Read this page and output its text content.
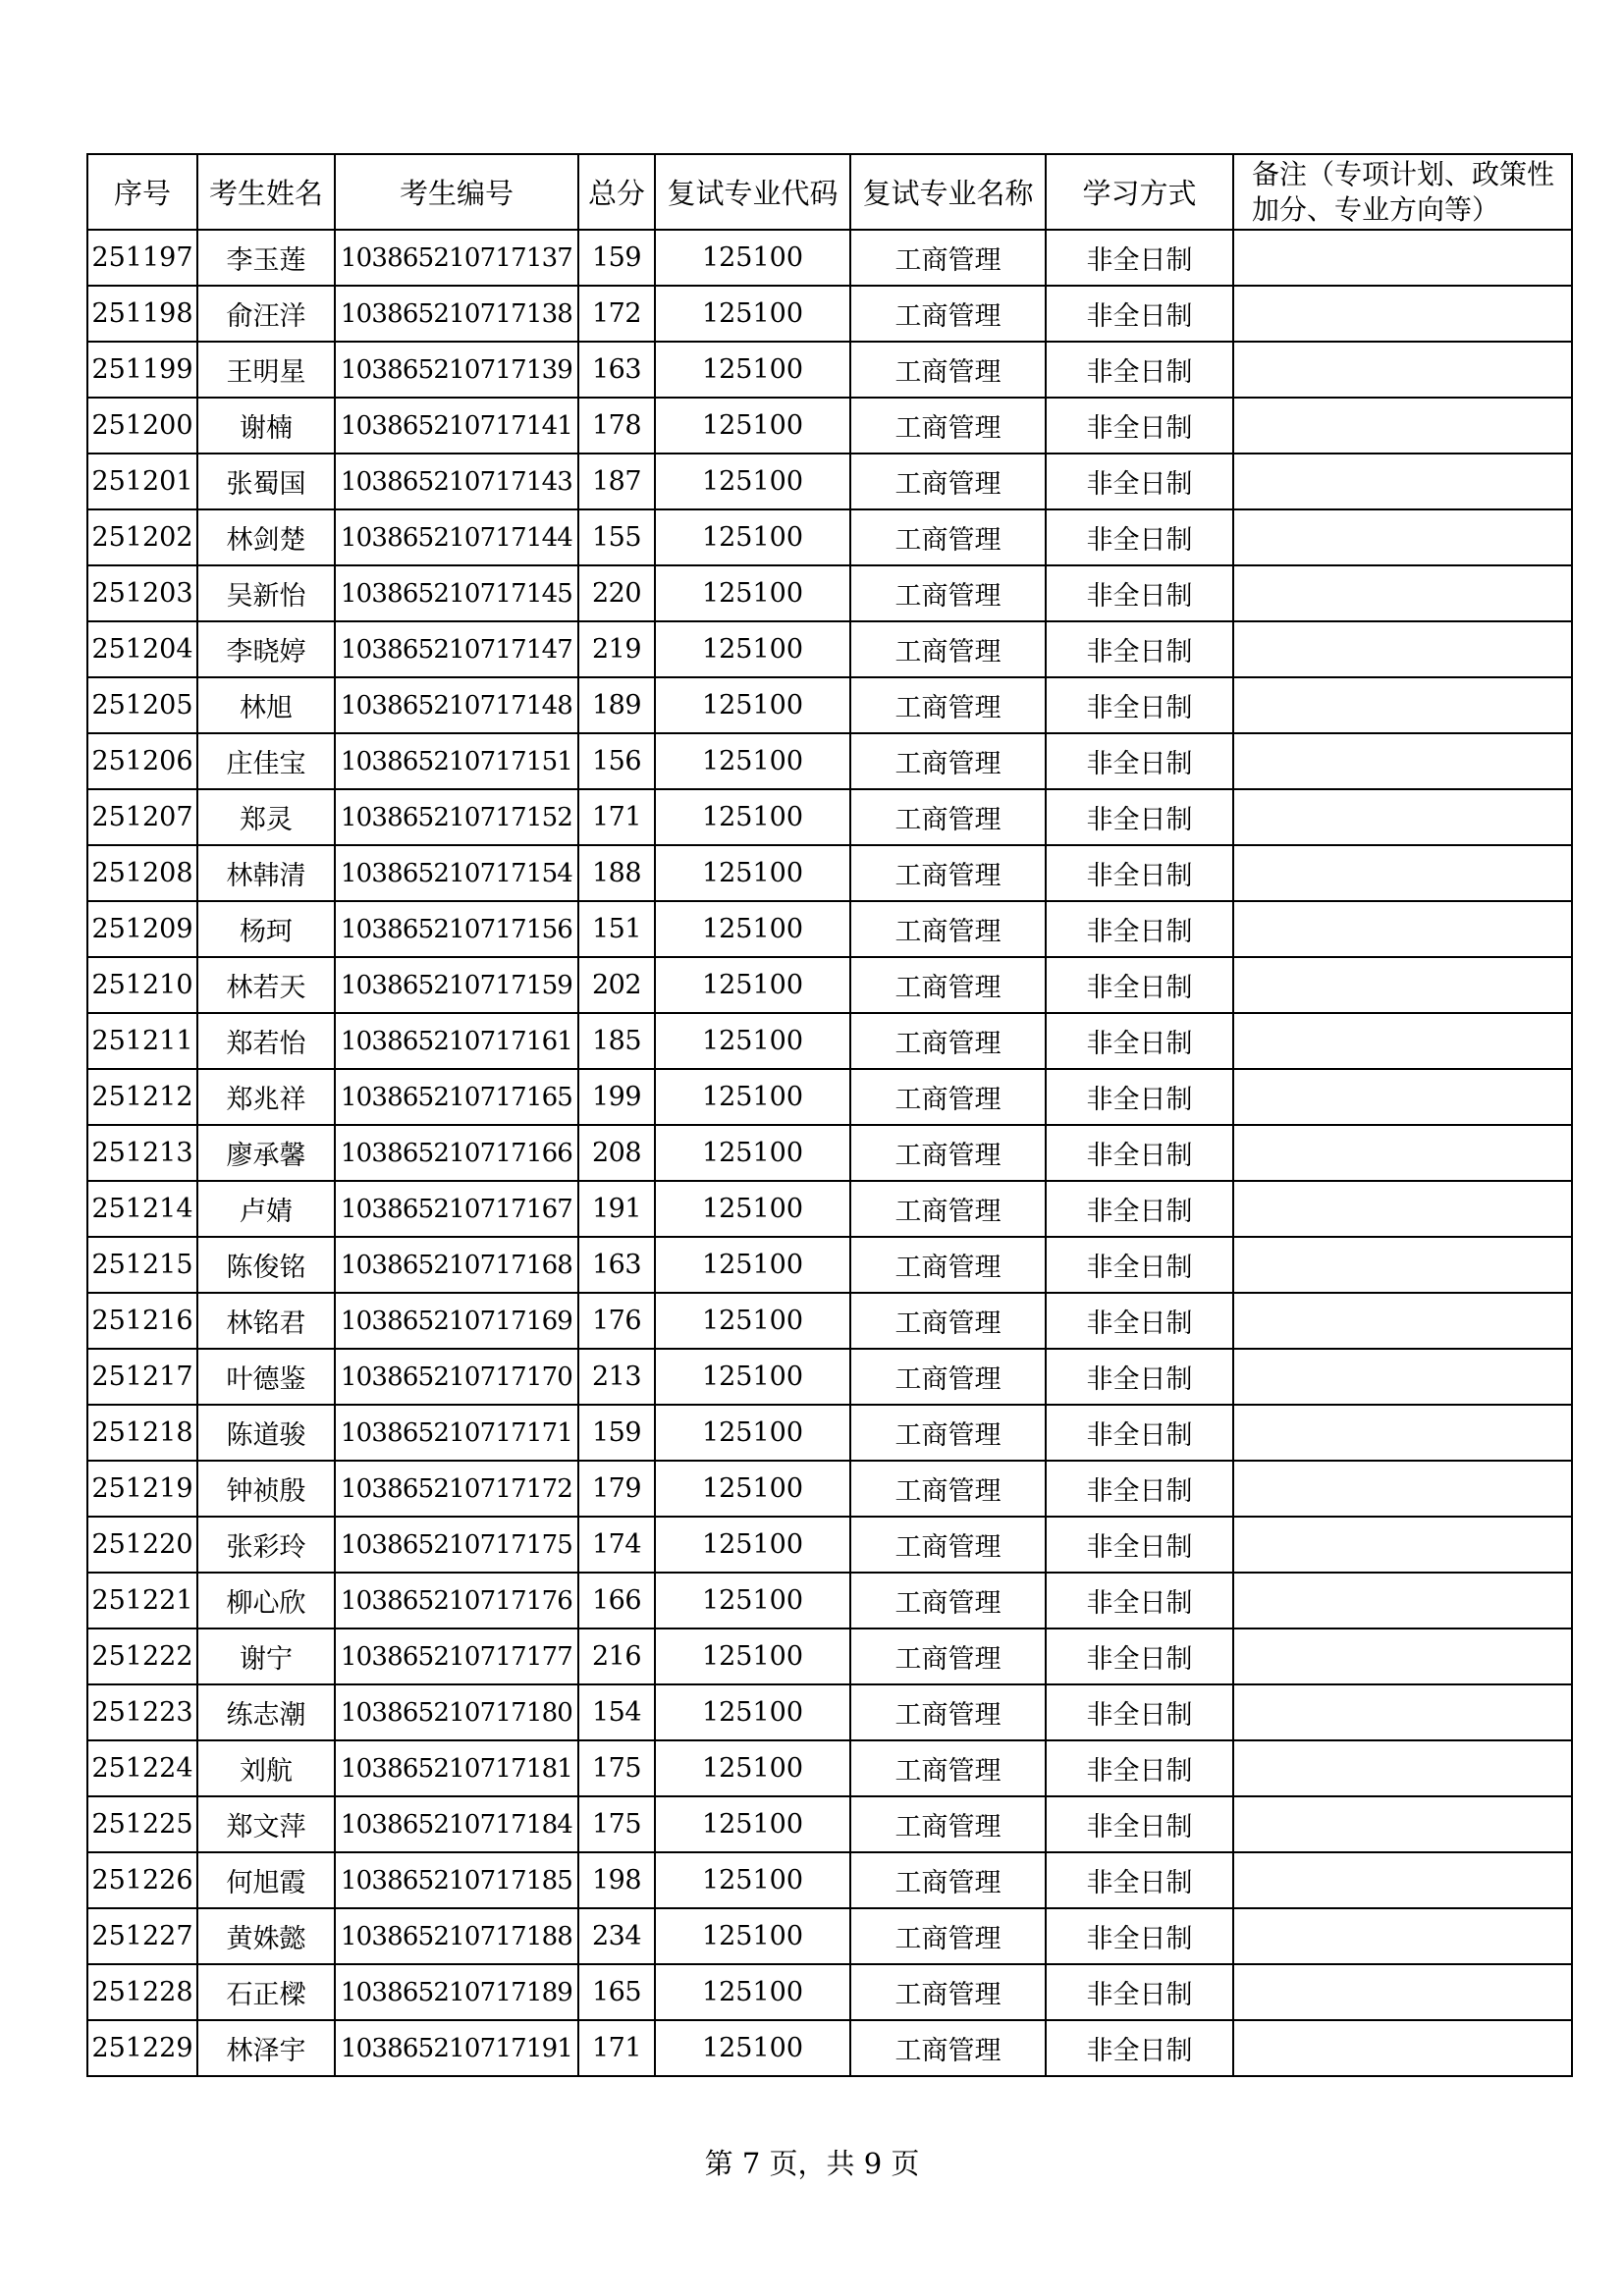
序号	考生姓名	考生编号	总分	复试专业代码	复试专业名称	学习方式	备注（专项计划、政策性加分、专业方向等）
251197	李玉莲	103865210717137	159	125100	工商管理	非全日制	
251198	俞汪洋	103865210717138	172	125100	工商管理	非全日制	
251199	王明星	103865210717139	163	125100	工商管理	非全日制	
251200	谢楠	103865210717141	178	125100	工商管理	非全日制	
251201	张蜀国	103865210717143	187	125100	工商管理	非全日制	
251202	林剑楚	103865210717144	155	125100	工商管理	非全日制	
251203	吴新怡	103865210717145	220	125100	工商管理	非全日制	
251204	李晓婷	103865210717147	219	125100	工商管理	非全日制	
251205	林旭	103865210717148	189	125100	工商管理	非全日制	
251206	庄佳宝	103865210717151	156	125100	工商管理	非全日制	
251207	郑灵	103865210717152	171	125100	工商管理	非全日制	
251208	林韩清	103865210717154	188	125100	工商管理	非全日制	
251209	杨珂	103865210717156	151	125100	工商管理	非全日制	
251210	林若天	103865210717159	202	125100	工商管理	非全日制	
251211	郑若怡	103865210717161	185	125100	工商管理	非全日制	
251212	郑兆祥	103865210717165	199	125100	工商管理	非全日制	
251213	廖承馨	103865210717166	208	125100	工商管理	非全日制	
251214	卢婧	103865210717167	191	125100	工商管理	非全日制	
251215	陈俊铭	103865210717168	163	125100	工商管理	非全日制	
251216	林铭君	103865210717169	176	125100	工商管理	非全日制	
251217	叶德鉴	103865210717170	213	125100	工商管理	非全日制	
251218	陈道骏	103865210717171	159	125100	工商管理	非全日制	
251219	钟祯殷	103865210717172	179	125100	工商管理	非全日制	
251220	张彩玲	103865210717175	174	125100	工商管理	非全日制	
251221	柳心欣	103865210717176	166	125100	工商管理	非全日制	
251222	谢宁	103865210717177	216	125100	工商管理	非全日制	
251223	练志潮	103865210717180	154	125100	工商管理	非全日制	
251224	刘航	103865210717181	175	125100	工商管理	非全日制	
251225	郑文萍	103865210717184	175	125100	工商管理	非全日制	
251226	何旭霞	103865210717185	198	125100	工商管理	非全日制	
251227	黄姝懿	103865210717188	234	125100	工商管理	非全日制	
251228	石正樑	103865210717189	165	125100	工商管理	非全日制	
251229	林泽宇	103865210717191	171	125100	工商管理	非全日制	
第 7 页，共 9 页
